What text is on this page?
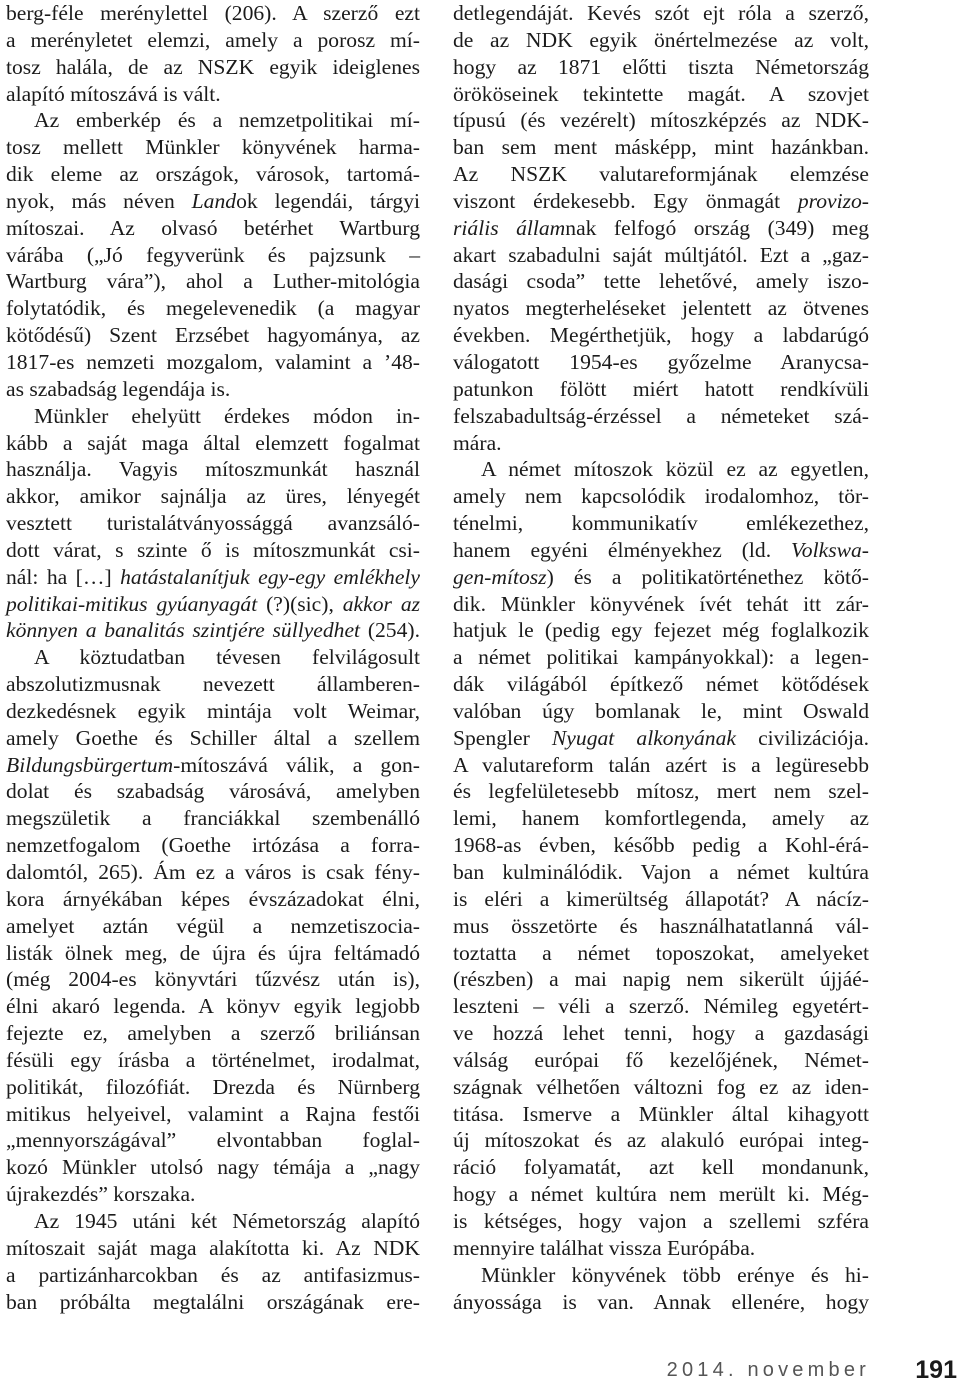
berg-féle merénylettel (206). A szerző ezt
a merényletet elemzi, amely a porosz mí-
tosz halála, de az NSZK egyik ideiglenes
alapító mítoszává is vált.
Az emberkép és a nemzetpolitikai mí-
tosz mellett Münkler könyvének harma-
dik eleme az országok, városok, tartomá-
nyok, más néven Landok legendái, tárgyi
mítoszai. Az olvasó betérhet Wartburg
várába („Jó fegyverünk és pajzsunk –
Wartburg vára”), ahol a Luther-mitológia
folytatódik, és megelevenedik (a magyar
kötődésű) Szent Erzsébet hagyománya, az
1817-es nemzeti mozgalom, valamint a ’48-
as szabadság legendája is.
Münkler ehelyütt érdekes módon in-
kább a saját maga által elemzett fogalmat
használja. Vagyis mítoszmunkát használ
akkor, amikor sajnálja az üres, lényegét
vesztett turistalátványossággá avanzsáló-
dott várat, s szinte ő is mítoszmunkát csi-
nál: ha […] hatástalanítjuk egy-egy emlékhely
politikai-mitikus gyúanyagát (?)(sic), akkor az
könnyen a banalitás szintjére süllyedhet (254).
A köztudatban tévesen felvilágosult
abszolutizmusnak nevezett államberen-
dezkedésnek egyik mintája volt Weimar,
amely Goethe és Schiller által a szellem
Bildungsbürgertum-mítoszává válik, a gon-
dolat és szabadság városává, amelyben
megszületik a franciákkal szembenálló
nemzetfogalom (Goethe irtózása a forra-
dalomtól, 265). Ám ez a város is csak fény-
kora árnyékában képes évszázadokat élni,
amelyet aztán végül a nemzetiszocia-
listák ölnek meg, de újra és újra feltámadó
(még 2004-es könyvtári tűzvész után is),
élni akaró legenda. A könyv egyik legjobb
fejezte ez, amelyben a szerző briliánsan
fésüli egy írásba a történelmet, irodalmat,
politikát, filozófiát. Drezda és Nürnberg
mitikus helyeivel, valamint a Rajna festői
„mennyországával” elvontabban foglal-
kozó Münkler utolsó nagy témája a „nagy
újrakezdés” korszaka.
Az 1945 utáni két Németország alapító
mítoszait saját maga alakította ki. Az NDK
a partizánharcokban és az antifasizmus-
ban próbálta megtalálni országának ere-
detlegendáját. Kevés szót ejt róla a szerző,
de az NDK egyik önértelmezése az volt,
hogy az 1871 előtti tiszta Németország
örököseinek tekintette magát. A szovjet
típusú (és vezérelt) mítoszképzés az NDK-
ban sem ment másképp, mint hazánkban.
Az NSZK valutareformjának elemzése
viszont érdekesebb. Egy önmagát provizo-
riális államnak felfogó ország (349) meg
akart szabadulni saját múltjától. Ezt a „gaz-
dasági csoda” tette lehetővé, amely iszo-
nyatos megterheléseket jelentett az ötvenes
években. Megérthetjük, hogy a labdarúgó
válogatott 1954-es győzelme Aranycsa-
patunkon fölött miért hatott rendkívüli
felszabadultság-érzéssel a németeket szá-
mára.
A német mítoszok közül ez az egyetlen,
amely nem kapcsolódik irodalomhoz, tör-
ténelmi, kommunikatív emlékezethez,
hanem egyéni élményekhez (ld. Volkswa-
gen-mítosz) és a politikatörténethez kötő-
dik. Münkler könyvének ívét tehát itt zár-
hatjuk le (pedig egy fejezet még foglalkozik
a német politikai kampányokkal): a legen-
dák világából építkező német kötődések
valóban úgy bomlanak le, mint Oswald
Spengler Nyugat alkonyának civilizációja.
A valutareform talán azért is a legüresebb
és legfelületesebb mítosz, mert nem szel-
lemi, hanem komfortlegenda, amely az
1968-as évben, később pedig a Kohl-érá-
ban kulminálódik. Vajon a német kultúra
is eléri a kimerültség állapotát? A nácíz-
mus összetörte és használhatatlanná vál-
toztatta a német toposzokat, amelyeket
(részben) a mai napig nem sikerült újjáé-
leszteni – véli a szerző. Némileg egyetért-
ve hozzá lehet tenni, hogy a gazdasági
válság európai fő kezelőjének, Német-
szágnak vélhetően változni fog ez az iden-
titása. Ismerve a Münkler által kihagyott
új mítoszokat és az alakuló európai integ-
ráció folyamatát, azt kell mondanunk,
hogy a német kultúra nem merült ki. Még-
is kétséges, hogy vajon a szellemi szféra
mennyire találhat vissza Európába.
Münkler könyvének több erénye és hi-
ányossága is van. Annak ellenére, hogy
2014. november 191
